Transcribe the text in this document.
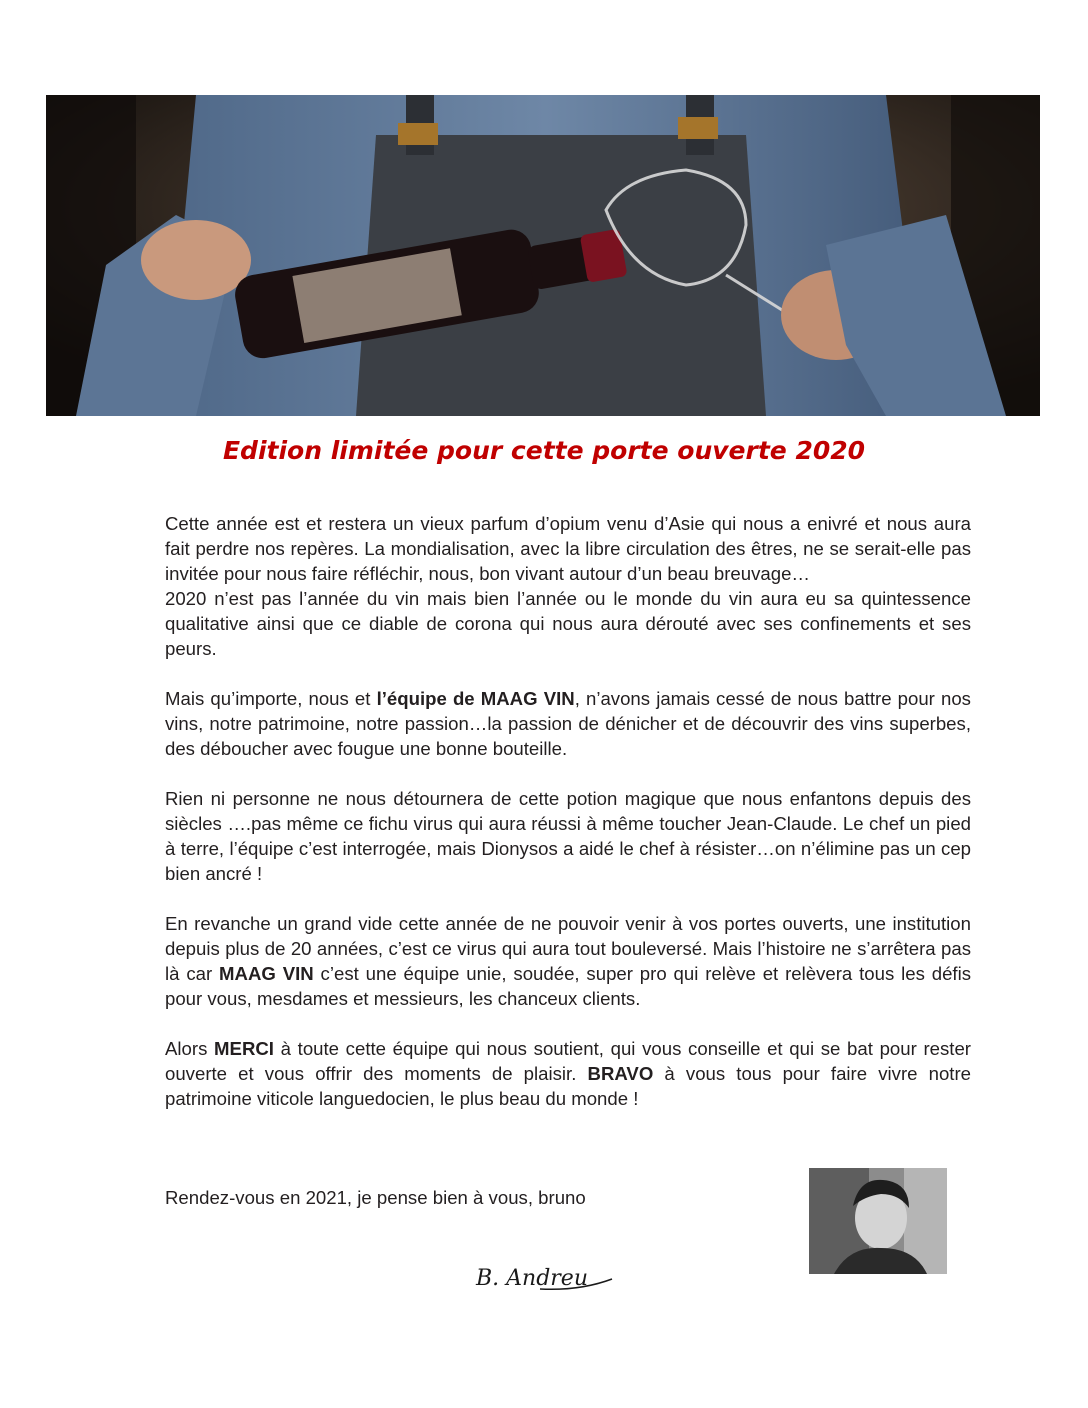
Edition limitée pour cette porte ouverte 2020

Cette année est et restera un vieux parfum d’opium venu d’Asie qui nous a enivré et nous aura fait perdre nos repères. La mondialisation, avec la libre circulation des êtres, ne se serait-elle pas invitée pour nous faire réfléchir, nous, bon vivant autour d’un beau breuvage…

2020 n’est pas l’année du vin mais bien l’année ou le monde du vin aura eu sa quintessence qualitative ainsi que ce diable de corona qui nous aura dérouté avec ses confinements et ses peurs.

Mais qu’importe, nous et l’équipe de MAAG VIN, n’avons jamais cessé de nous battre pour nos vins, notre patrimoine, notre passion…la passion de dénicher et de découvrir des vins superbes, des déboucher avec fougue une bonne bouteille.

Rien ni personne ne nous détournera de cette potion magique que nous enfantons depuis des siècles ….pas même ce fichu virus qui aura réussi à même toucher Jean-Claude. Le chef un pied à terre, l’équipe c’est interrogée, mais Dionysos a aidé le chef à résister…on n’élimine pas un cep bien ancré !

En revanche un grand vide cette année de ne pouvoir venir à vos portes ouverts, une institution depuis plus de 20 années, c’est ce virus qui aura tout bouleversé. Mais l’histoire ne s’arrêtera pas là car MAAG VIN c’est une équipe unie, soudée, super pro qui relève et relèvera tous les défis pour vous, mesdames et messieurs, les chanceux clients.

Alors MERCI à toute cette équipe qui nous soutient, qui vous conseille et qui se bat pour rester ouverte et vous offrir des moments de plaisir. BRAVO à vous tous pour faire vivre notre patrimoine viticole languedocien, le plus beau du monde !

Rendez-vous en 2021, je pense bien à vous, bruno

B. Andreu
